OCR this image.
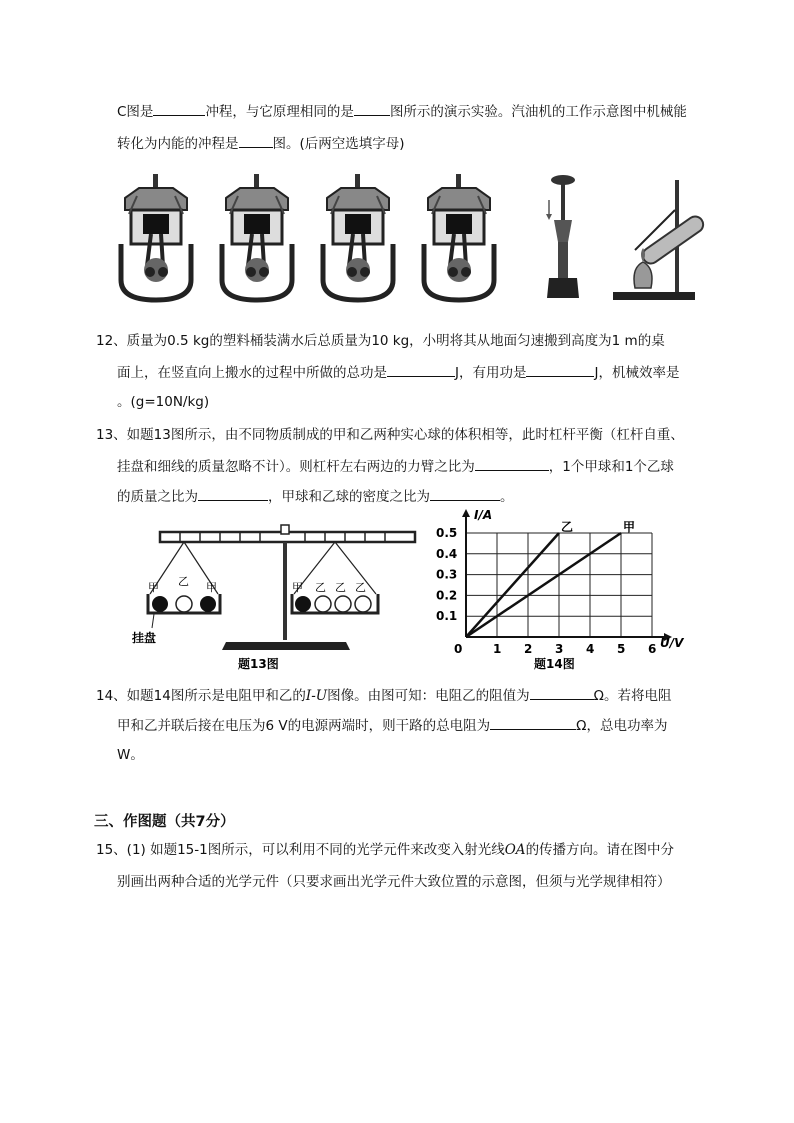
C图是	冲程，与它原理相同的是	图所示的演示实验。汽油机的工作示意图中机械能
转化为内能的冲程是	图。(后两空选填字母)
12、质量为0.5 kg的塑料桶装满水后总质量为10 kg，小明将其从地面匀速搬到高度为1 m的桌
面上，在竖直向上搬水的过程中所做的总功是	J，有用功是	J，机械效率是
。(g=10N/kg)
13、如题13图所示，由不同物质制成的甲和乙两种实心球的体积相等，此时杠杆平衡（杠杆自重、
挂盘和细线的质量忽略不计）。则杠杆左右两边的力臂之比为	，1个甲球和1个乙球
的质量之比为	，甲球和乙球的密度之比为	。
甲 乙 甲
挂盘
甲 乙 乙 乙
题13图
I/A
U/V
0	1 2 3 4 5 6
0.1
0.2
0.3
0.4
0.5	乙	甲
题14图
14、如题14图所示是电阻甲和乙的I-U图像。由图可知：电阻乙的阻值为	Ω。若将电阻
甲和乙并联后接在电压为6 V的电源两端时，则干路的总电阻为	Ω，总电功率为
W。
三、作图题（共7分）
15、(1) 如题15-1图所示，可以利用不同的光学元件来改变入射光线OA的传播方向。请在图中分
别画出两种合适的光学元件（只要求画出光学元件大致位置的示意图，但须与光学规律相符）
